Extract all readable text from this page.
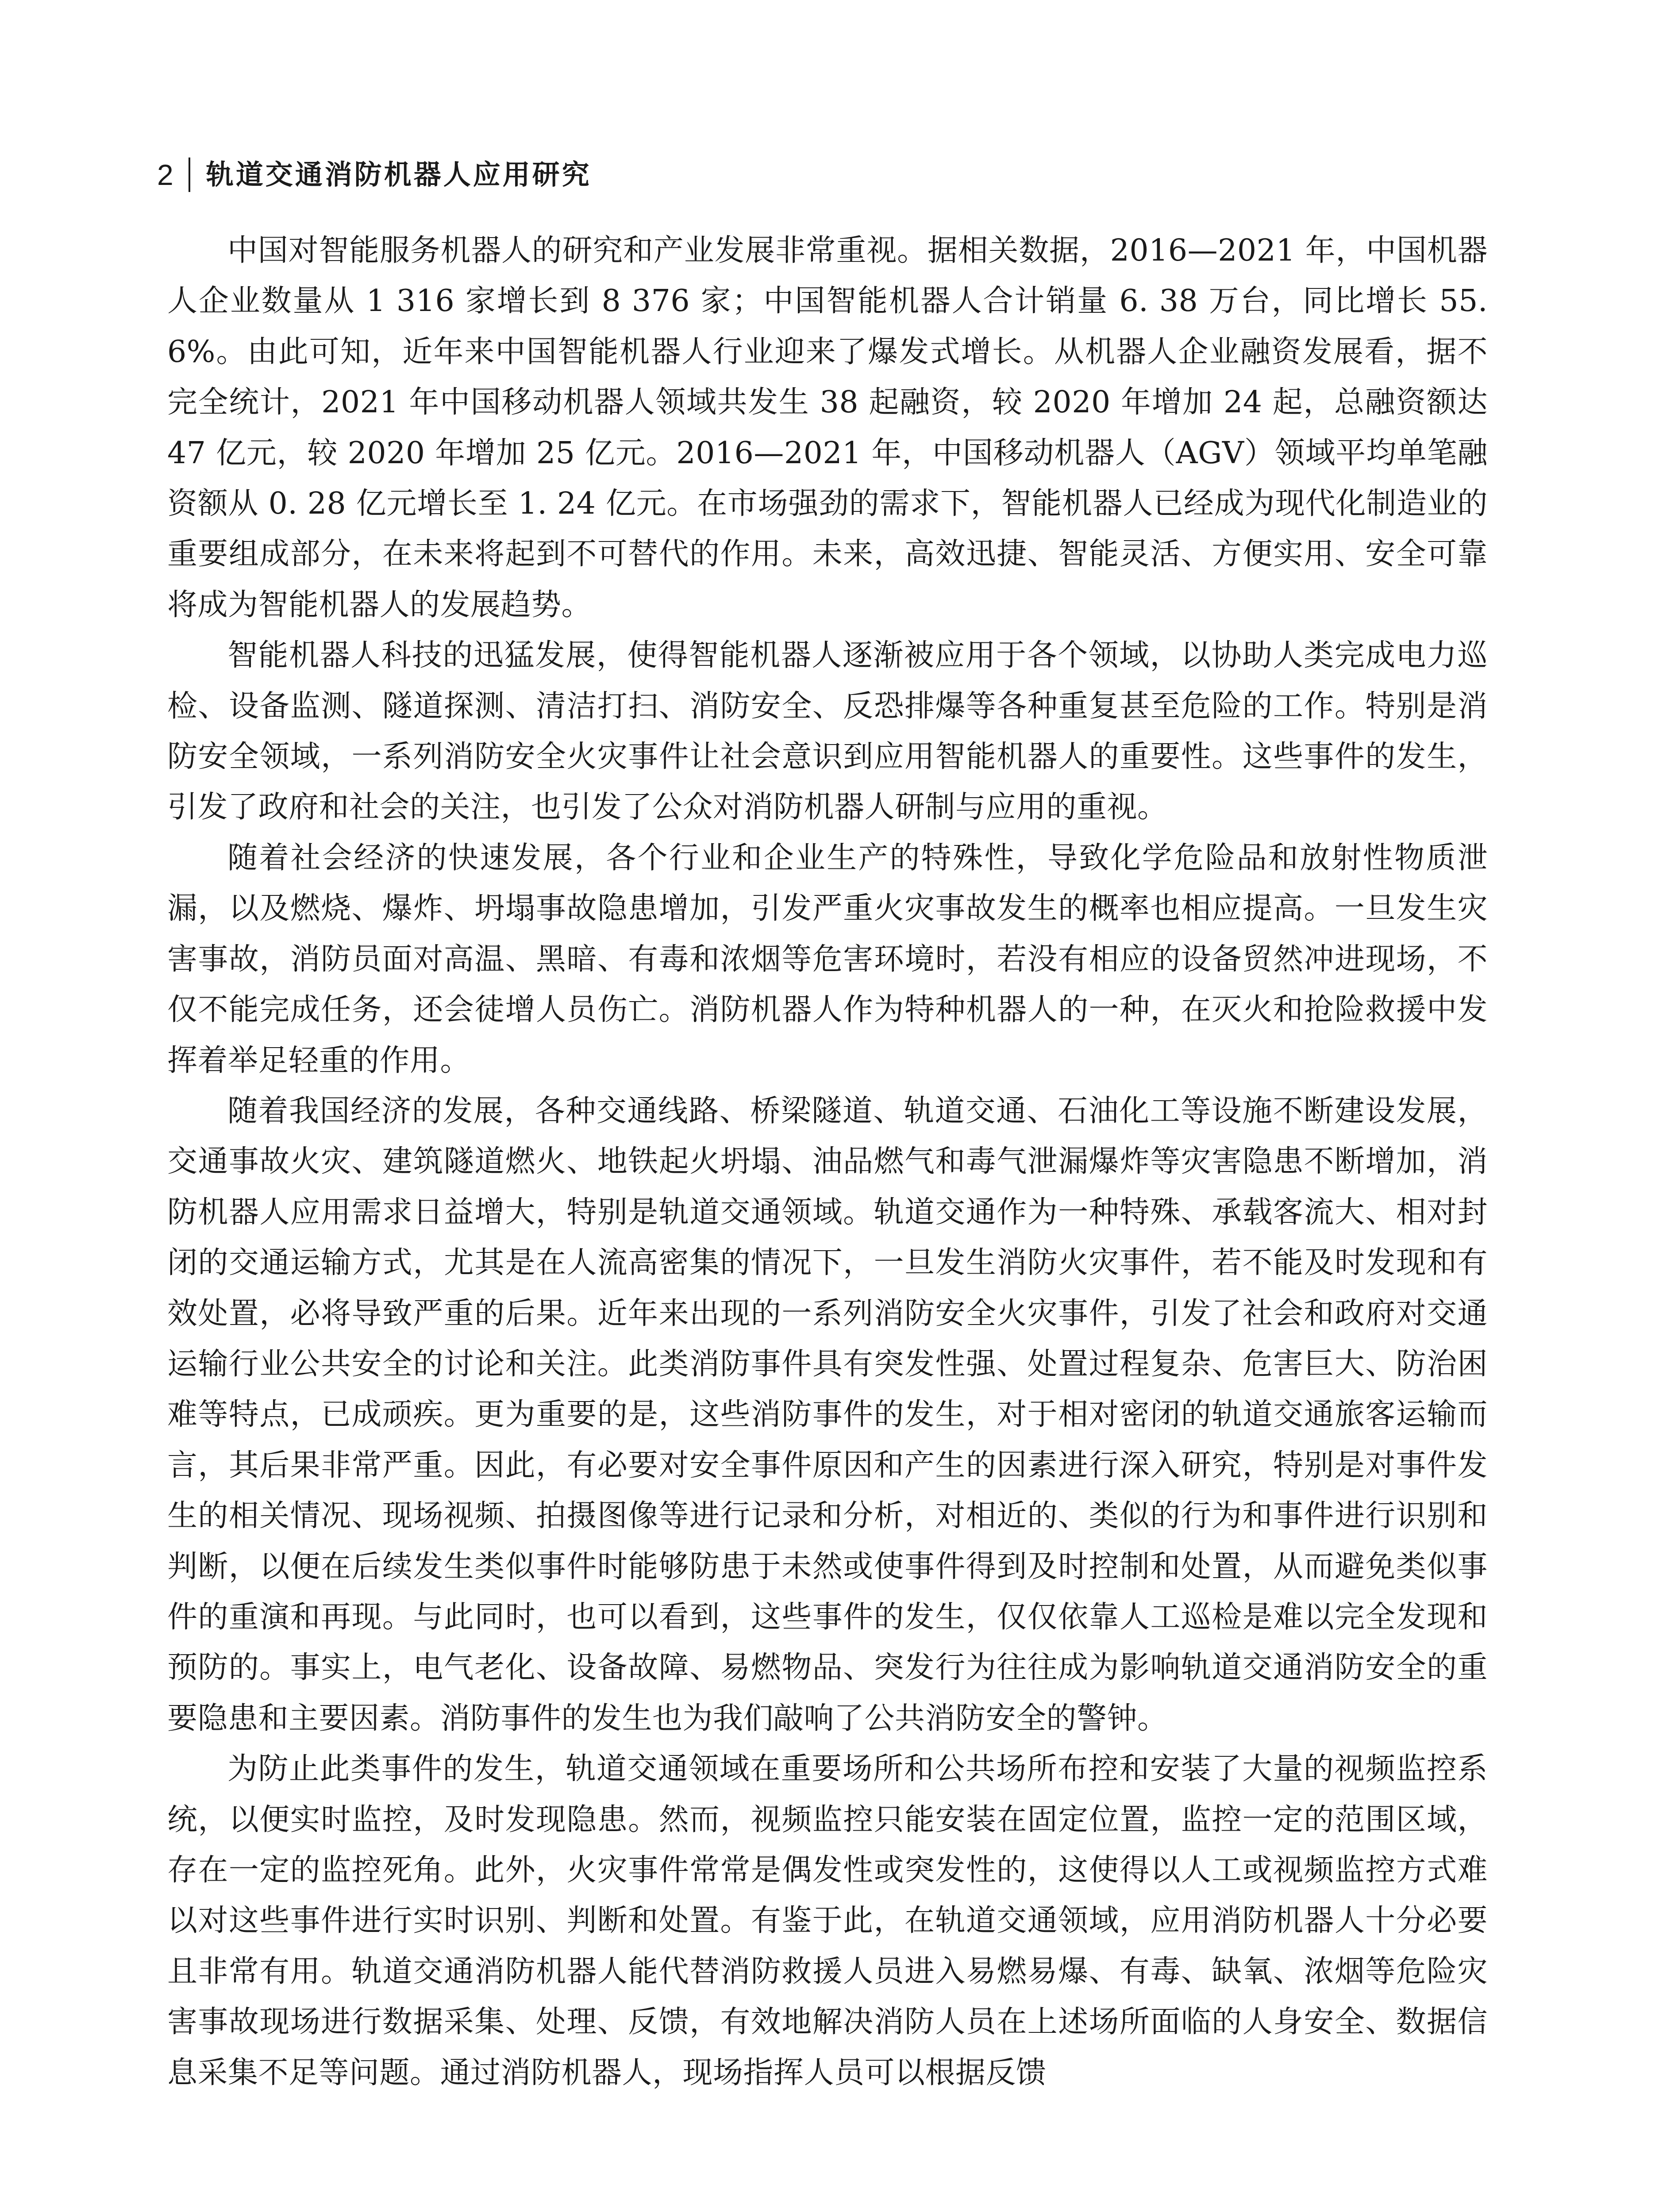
2 轨道交通消防机器人应用研究

中国对智能服务机器人的研究和产业发展非常重视。据相关数据，2016—2021 年，中国机器人企业数量从 1 316 家增长到 8 376 家；中国智能机器人合计销量 6. 38 万台，同比增长 55. 6%。由此可知，近年来中国智能机器人行业迎来了爆发式增长。从机器人企业融资发展看，据不完全统计，2021 年中国移动机器人领域共发生 38 起融资，较 2020 年增加 24 起，总融资额达 47 亿元，较 2020 年增加 25 亿元。2016—2021 年，中国移动机器人（AGV）领域平均单笔融资额从 0. 28 亿元增长至 1. 24 亿元。在市场强劲的需求下，智能机器人已经成为现代化制造业的重要组成部分，在未来将起到不可替代的作用。未来，高效迅捷、智能灵活、方便实用、安全可靠将成为智能机器人的发展趋势。

智能机器人科技的迅猛发展，使得智能机器人逐渐被应用于各个领域，以协助人类完成电力巡检、设备监测、隧道探测、清洁打扫、消防安全、反恐排爆等各种重复甚至危险的工作。特别是消防安全领域，一系列消防安全火灾事件让社会意识到应用智能机器人的重要性。这些事件的发生，引发了政府和社会的关注，也引发了公众对消防机器人研制与应用的重视。

随着社会经济的快速发展，各个行业和企业生产的特殊性，导致化学危险品和放射性物质泄漏，以及燃烧、爆炸、坍塌事故隐患增加，引发严重火灾事故发生的概率也相应提高。一旦发生灾害事故，消防员面对高温、黑暗、有毒和浓烟等危害环境时，若没有相应的设备贸然冲进现场，不仅不能完成任务，还会徒增人员伤亡。消防机器人作为特种机器人的一种，在灭火和抢险救援中发挥着举足轻重的作用。

随着我国经济的发展，各种交通线路、桥梁隧道、轨道交通、石油化工等设施不断建设发展，交通事故火灾、建筑隧道燃火、地铁起火坍塌、油品燃气和毒气泄漏爆炸等灾害隐患不断增加，消防机器人应用需求日益增大，特别是轨道交通领域。轨道交通作为一种特殊、承载客流大、相对封闭的交通运输方式，尤其是在人流高密集的情况下，一旦发生消防火灾事件，若不能及时发现和有效处置，必将导致严重的后果。近年来出现的一系列消防安全火灾事件，引发了社会和政府对交通运输行业公共安全的讨论和关注。此类消防事件具有突发性强、处置过程复杂、危害巨大、防治困难等特点，已成顽疾。更为重要的是，这些消防事件的发生，对于相对密闭的轨道交通旅客运输而言，其后果非常严重。因此，有必要对安全事件原因和产生的因素进行深入研究，特别是对事件发生的相关情况、现场视频、拍摄图像等进行记录和分析，对相近的、类似的行为和事件进行识别和判断，以便在后续发生类似事件时能够防患于未然或使事件得到及时控制和处置，从而避免类似事件的重演和再现。与此同时，也可以看到，这些事件的发生，仅仅依靠人工巡检是难以完全发现和预防的。事实上，电气老化、设备故障、易燃物品、突发行为往往成为影响轨道交通消防安全的重要隐患和主要因素。消防事件的发生也为我们敲响了公共消防安全的警钟。

为防止此类事件的发生，轨道交通领域在重要场所和公共场所布控和安装了大量的视频监控系统，以便实时监控，及时发现隐患。然而，视频监控只能安装在固定位置，监控一定的范围区域，存在一定的监控死角。此外，火灾事件常常是偶发性或突发性的，这使得以人工或视频监控方式难以对这些事件进行实时识别、判断和处置。有鉴于此，在轨道交通领域，应用消防机器人十分必要且非常有用。轨道交通消防机器人能代替消防救援人员进入易燃易爆、有毒、缺氧、浓烟等危险灾害事故现场进行数据采集、处理、反馈，有效地解决消防人员在上述场所面临的人身安全、数据信息采集不足等问题。通过消防机器人，现场指挥人员可以根据反馈
